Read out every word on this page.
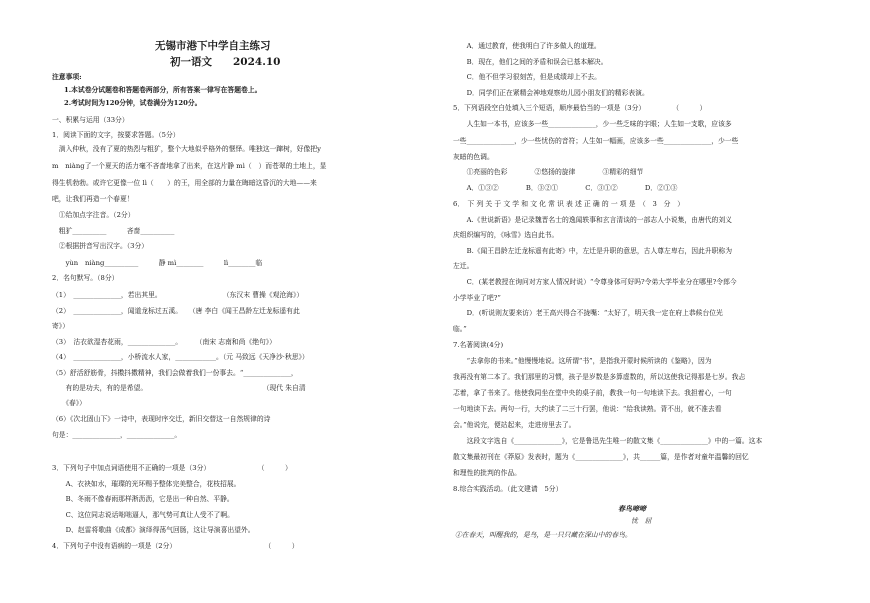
无锡市港下中学自主练习
初一语文　　2024.10
注意事项:
1.本试卷分试题卷和答题卷两部分，所有答案一律写在答题卷上。
2.考试时间为120分钟，试卷满分为120分。
一、积累与运用（33分）
1．阅读下面的文字，按要求答题。（5分）
　淌入仲秋，没有了夏的热烈与粗犷，整个大地似乎格外的惬怿。唯独这一蹿树，好像把y
m　niàng了一个夏天的活力毫不吝啬地拿了出来，在这片静 mì（　）而苍翠的土地上，显
得生机勃勃。或许它更像一位 lì（　　）的王，用全部的力量在晦暗这昏沉的大地——来
吧，让我们再造一个春夏！
　①给加点字注音。（2分）
　粗犷__________　　　吝啬__________
　②根据拼音写出汉字。（3分）
　　yùn　niàng__________　　　静 mì________　　　lì________临
2．名句默写。（8分）
（1）　______________，若出其里。　　　　　　　　　　（东汉末 曹操《观沧海》）
（2）　______________，闻道龙标过五溪。　　（唐 李白《闻王昌龄左迁龙标遥有此
寄》）
（3）　沽衣欲湿杏花雨，______________。　　　（南宋 志南和尚《绝句》）
（4）　______________，小桥流水人家，____________。（元 马致远《天净沙·秋思》）
（5）舒活舒筋骨，抖擞抖擞精神，我们会做着我们一份事去。“______________，
　　有的是功夫，有的是希望。　　　　　　　　　　　　　　　　　　（现代 朱自清
　　《春》）
（6）《次北固山下》一诗中，表现时序交迁，新旧交替这一自然规律的诗
句是：______________，______________。
3．下列句子中加点词语使用不正确的一项是（3分）　　　　　　　　（　　　）
　　A、衣袂如水，璀璨的光环赐予整体完美整合，花枝招展。
　　B、冬雨不像春雨那样淅沥沥，它是出一种自然、平静。
　　C、这位同志说话咄咄逼人，那气势可真让人受不了啊。
　　D、赵雷将歌曲《成都》演绎得荡气回肠，这让导演喜出望外。
4．下列句子中没有语病的一项是（2分）　　　　　　　　　　　　　　（　　　）
　　A．通过教育，使我明白了许多做人的道理。
　　B．现在，他们之间的矛盾和误会已基本解决。
　　C．他不但学习很刻苦，但是成绩却上不去。
　　D．同学们正在紧精会神地观察幼儿园小朋友们的精彩表演。
5．下列语段空白处填入三个短语，顺序最恰当的一项是（3分）　　　　　（　　　）
　　人生如一本书，应该多一些______________，少一些乏味的字眼；人生如一支歌，应该多
一些______________，少一些忧伤的音符；人生如一幅画，应该多一些______________，少一些
灰暗的色调。
　　①亮丽的色彩　　　　②悠扬的旋律　　　　③精彩的细节
　　A．①③②　　　　B．③②①　　　　C．③①②　　　　D．②①③
6．　下 列 关 于 文 学 和 文 化 常 识 表 述 正 确 的 一 项 是　（　3　分　）
　　A.《世说新语》是记录魏晋名士的逸闻轶事和玄言清谈的一部志人小说集，由唐代的刘义
庆组织编写的，《咏雪》选自此书。
　　B.《闻王昌龄左迁龙标遥有此寄》中，左迁是升职的意思，古人尊左卑右，因此升职称为
左迁。
　　C．(某老教授在询问对方家人情况时说）“令尊身体可好吗?令弟大学毕业分在哪里?令郎今
小学毕业了吧?”
　　D．(听说则友要来访）老王高兴得合不拢嘴：“太好了，明天我一定在府上恭候台位光
临。”
7.名著阅读(4分)
　　“去拿你的书来。”他慢慢地说。这所谓“书”，是指我开蒙时候所读的《鉴略》，因为
我再没有第二本了。我们那里的习惯，孩子是岁数是多算虚数的，所以这使我记得那是七岁。我忐
忑着，拿了书来了。他使我同坐在堂中央的桌子前，教我一句一句地读下去。我担着心，一句
一句地读下去。两句一行，大约读了二三十行罢，他说：“给我读熟。背不出，就不准去看
会。”他说完，便站起来，走进房里去了。
　　这段文字选自《______________》，它是鲁迅先生唯一的散文集《______________》中的一篇。这本
散文集最初刊在《莽原》发表时，题为《______________》，共______篇，是作者对童年温馨的回忆
和理性的批判的作品。
8.综合实践活动。（此文建请　5分）
春鸟啼啼
忧　屈
①在春天，叫醒我的，是鸟，是一只只藏在深山中的春鸟。
